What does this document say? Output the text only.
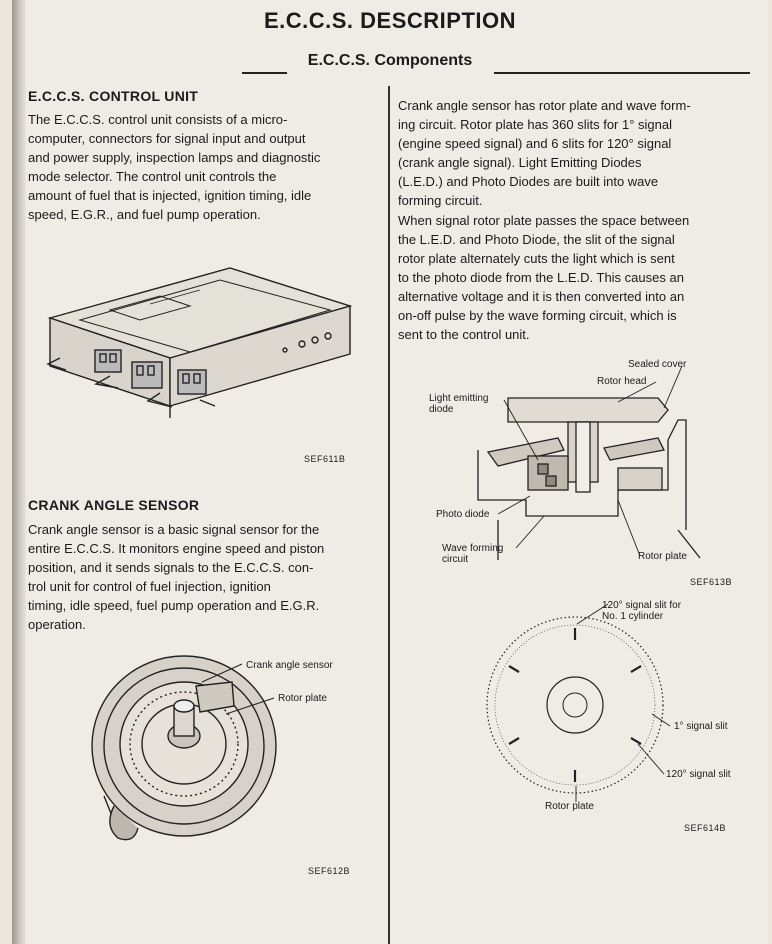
E.C.C.S. DESCRIPTION
E.C.C.S. Components
E.C.C.S. CONTROL UNIT
The E.C.C.S. control unit consists of a micro-
computer, connectors for signal input and output
and power supply, inspection lamps and diagnostic
mode selector. The control unit controls the
amount of fuel that is injected, ignition timing, idle
speed, E.G.R., and fuel pump operation.
SEF611B
CRANK ANGLE SENSOR
Crank angle sensor is a basic signal sensor for the
entire E.C.C.S. It monitors engine speed and piston
position, and it sends signals to the E.C.C.S. con-
trol unit for control of fuel injection, ignition
timing, idle speed, fuel pump operation and E.G.R.
operation.
Crank angle sensor
Rotor plate
SEF612B
Crank angle sensor has rotor plate and wave form-
ing circuit. Rotor plate has 360 slits for 1° signal
(engine speed signal) and 6 slits for 120° signal
(crank angle signal). Light Emitting Diodes
(L.E.D.) and Photo Diodes are built into wave
forming circuit.
When signal rotor plate passes the space between
the L.E.D. and Photo Diode, the slit of the signal
rotor plate alternately cuts the light which is sent
to the photo diode from the L.E.D. This causes an
alternative voltage and it is then converted into an
on-off pulse by the wave forming circuit, which is
sent to the control unit.
Sealed cover
Rotor head
Light emitting
diode
Photo diode
Wave forming
circuit	Rotor plate
SEF613B
120° signal slit for
No. 1 cylinder
1° signal slit
120° signal slit
Rotor plate
SEF614B
